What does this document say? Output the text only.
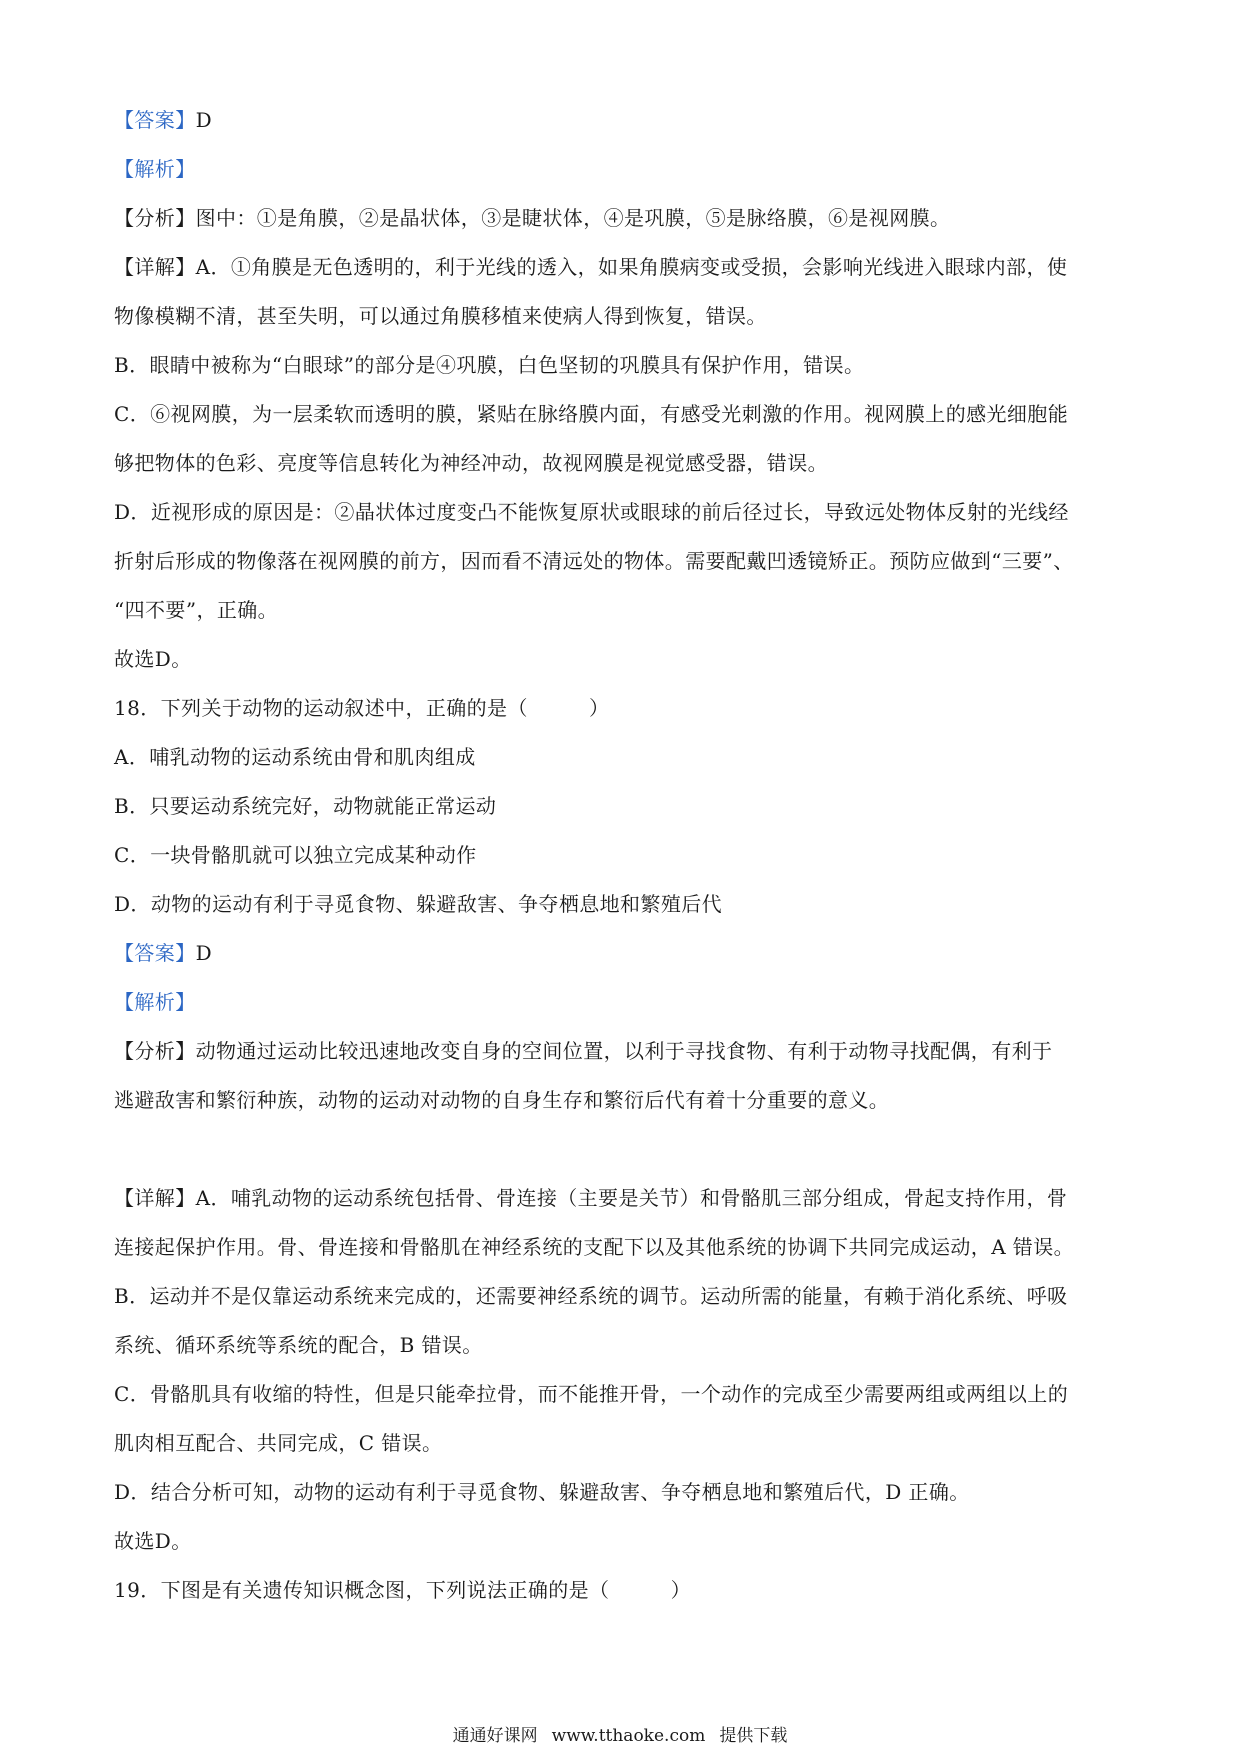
【答案】D
【解析】
【分析】图中：①是角膜，②是晶状体，③是睫状体，④是巩膜，⑤是脉络膜，⑥是视网膜。
【详解】A．①角膜是无色透明的，利于光线的透入，如果角膜病变或受损，会影响光线进入眼球内部，使
物像模糊不清，甚至失明，可以通过角膜移植来使病人得到恢复，错误。
B．眼睛中被称为“白眼球”的部分是④巩膜，白色坚韧的巩膜具有保护作用，错误。
C．⑥视网膜，为一层柔软而透明的膜，紧贴在脉络膜内面，有感受光刺激的作用。视网膜上的感光细胞能
够把物体的色彩、亮度等信息转化为神经冲动，故视网膜是视觉感受器，错误。
D．近视形成的原因是：②晶状体过度变凸不能恢复原状或眼球的前后径过长，导致远处物体反射的光线经
折射后形成的物像落在视网膜的前方，因而看不清远处的物体。需要配戴凹透镜矫正。预防应做到“三要”、
“四不要”，正确。
故选D。
18．下列关于动物的运动叙述中，正确的是（　　　）
A．哺乳动物的运动系统由骨和肌肉组成
B．只要运动系统完好，动物就能正常运动
C．一块骨骼肌就可以独立完成某种动作
D．动物的运动有利于寻觅食物、躲避敌害、争夺栖息地和繁殖后代
【答案】D
【解析】
【分析】动物通过运动比较迅速地改变自身的空间位置，以利于寻找食物、有利于动物寻找配偶，有利于
逃避敌害和繁衍种族，动物的运动对动物的自身生存和繁衍后代有着十分重要的意义。
【详解】A．哺乳动物的运动系统包括骨、骨连接（主要是关节）和骨骼肌三部分组成，骨起支持作用，骨
连接起保护作用。骨、骨连接和骨骼肌在神经系统的支配下以及其他系统的协调下共同完成运动，A 错误。
B．运动并不是仅靠运动系统来完成的，还需要神经系统的调节。运动所需的能量，有赖于消化系统、呼吸
系统、循环系统等系统的配合，B 错误。
C．骨骼肌具有收缩的特性，但是只能牵拉骨，而不能推开骨，一个动作的完成至少需要两组或两组以上的
肌肉相互配合、共同完成，C 错误。
D．结合分析可知，动物的运动有利于寻觅食物、躲避敌害、争夺栖息地和繁殖后代，D 正确。
故选D。
19．下图是有关遗传知识概念图，下列说法正确的是（　　　）
通通好课网 www.tthaoke.com 提供下载
